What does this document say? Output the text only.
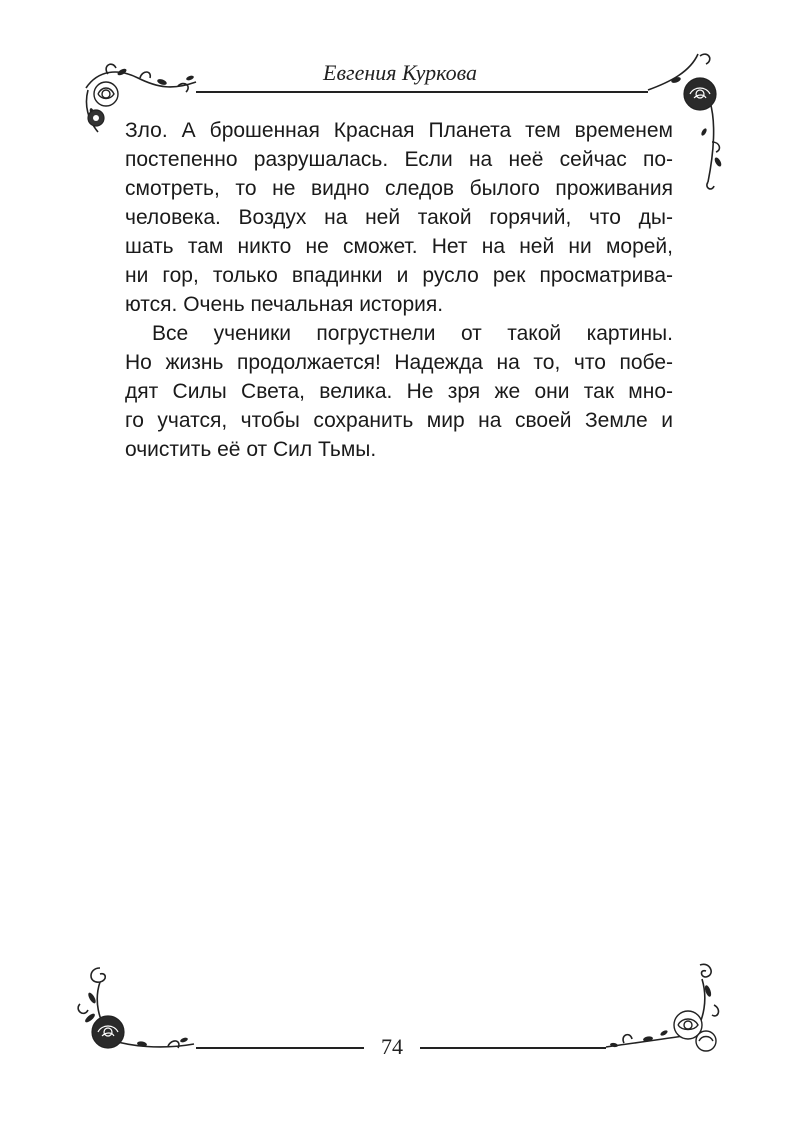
Евгения Куркова

Зло. А брошенная Красная Планета тем временем
постепенно разрушалась. Если на неё сейчас по-
смотреть, то не видно следов былого проживания
человека. Воздух на ней такой горячий, что ды-
шать там никто не сможет. Нет на ней ни морей,
ни гор, только впадинки и русло рек просматрива-
ются. Очень печальная история.

Все ученики погрустнели от такой картины.
Но жизнь продолжается! Надежда на то, что побе-
дят Силы Света, велика. Не зря же они так мно-
го учатся, чтобы сохранить мир на своей Земле и
очистить её от Сил Тьмы.

74
